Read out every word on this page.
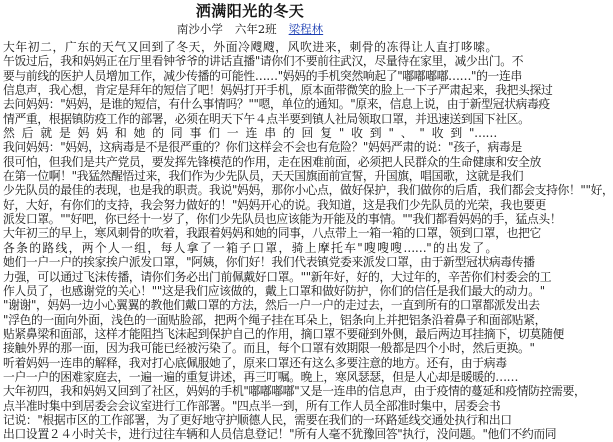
洒满阳光的冬天
南沙小学 六年2班 梁程林
大年初二，广东的天气又回到了冬天，外面冷飕飕，风吹进来，刺骨的冻得让人直打哆嗦。
午饭过后，我和妈妈正在厅里看钟爷爷的讲话直播"请你们不要前往武汉，尽量待在家里，减少出门。不
要与前线的医护人员增加工作，减少传播的可能性……"妈妈的手机突然响起了"嘟嘟嘟嘟……"的一连串
信息声，我心想，肯定是拜年的短信了吧！妈妈打开手机，原本面带微笑的脸上一下子严肃起来，我把头探过
去问妈妈："妈妈，是谁的短信，有什么事情吗？""嗯，单位的通知。"原来，信息上说，由于新型冠状病毒疫
情严重，根据镇防疫工作的部署，必须在明天下午４点半要到镇人社局领取口罩，并迅速送到国下社区。
然后就是妈妈和她的同事们一连串的回复"收到"、"收到"……
我问妈妈："妈妈，这病毒是不是很严重的？你们这样会不会也有危险？"妈妈严肃的说："孩子，病毒是
很可怕，但我们是共产党员，要发挥先锋模范的作用，走在困难前面，必须把人民群众的生命健康和安全放
在第一位啊！"我猛然醒悟过来，我们作为少先队员，天天国旗面前宣誓，升国旗，唱国歌，这就是我们
少先队员的最佳的表现，也是我的职责。我说"妈妈，那你小心点，做好保护，我们做你的后盾，我们都会支持你！""好，
好，大好，有你们的支持，我会努力做好的！"妈妈开心的说。我知道，这是我们少先队员的光荣，我也要更
派发口罩。""好吧，你已经十一岁了，你们少先队员也应该能为开能及的事情。""我们都看妈妈的手，猛点头！
大年初三的早上，寒风刺骨的吹着，我跟着妈妈和她的同事，八点带上一箱一箱的口罩，领到口罩，也把它
各条的路线，两个人一组，每人拿了一箱子口罩，骑上摩托车"嗖嗖嗖……"的出发了。
她们一户一户的挨家挨户派发口罩，"阿姨，你们好！我们代表镇党委来派发口罩，由于新型冠状病毒传播
力强，可以通过飞沫传播，请你们务必出门前佩戴好口罩。""新年好，好的，大过年的，辛苦你们村委会的工
作人员了，也感谢党的关心！""这是我们应该做的，戴上口罩和做好防护，你们的信任是我们最大的动力。"
"谢谢"，妈妈一边小心翼翼的教他们戴口罩的方法，然后一户一户的走过去，一直到所有的口罩都派发出去
"浮色的一面向外面，浅色的一面贴脸部，把两个绳子挂在耳朵上，铝条向上并把铝条沿着鼻子和面部贴紧，
贴紧鼻梁和面部，这样才能阻挡飞沫起到保护自己的作用，摘口罩不要碰到外侧，最后两边耳挂摘下，切莫随便
接触外界的那一面，因为我可能已经被污染了。而且，每个口罩有效期限一般都是四个小时，然后更换。"
听着妈妈一连串的解释，我对打心底佩服她了，原来口罩还有这么多要注意的地方。还有，由于病毒
一户一户的困难家庭去，一遍一遍的重复讲述，再三叮嘱。晚上，寒风瑟瑟，但是人心却是暖暖的……
大年初四，我和妈妈又回到了社区，妈妈的手机"嘟嘟嘟嘟"又是一连串的信息声，由于疫情的蔓延和疫情防控需要，
点半准时集中到居委会会议室进行工作部署。"四点半一到，所有工作人员全部准时集中，居委会书
记说："根据市区的工作部署，为了更好地守护顺德人民，需要在我们的一环路延线交通处执行和出口
出口设置２４小时关卡，进行过往车辆和人员信息登记！"所有人毫不犹豫回答"执行，没问题。"他们不约而同
